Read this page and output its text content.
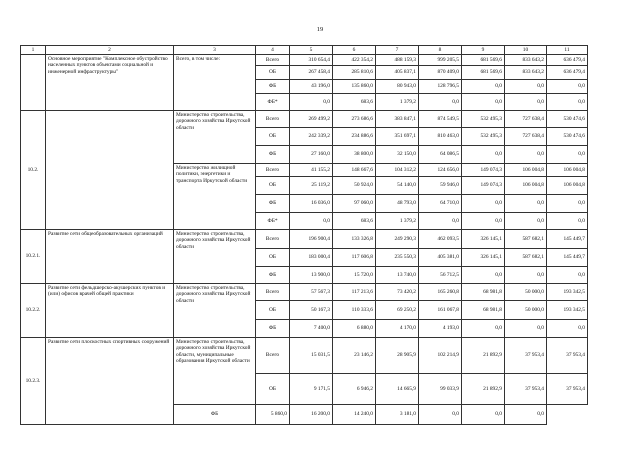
19
1	2	3	4	5	6	7	8	9	10	11
	Основное мероприятие "Комплексное обустройство населенных пунктов объектами социальной и инженерной инфраструктуры"	Всего, в том числе:	Всего	310 654,4	422 354,2	488 159,3	999 205,5	681 569,6	833 643,2	636 479,4
			ОБ	267 458,4	285 810,6	405 837,1	870 409,0	681 569,6	833 643,2	636 479,4
			ФБ	43 196,0	135 860,0	80 943,0	128 796,5	0,0	0,0	0,0
			ФБ*	0,0	683,6	1 379,2	0,0	0,0	0,0	0,0
10.2.		Министерство строительства, дорожного хозяйства Иркутской области	Всего	269 499,2	273 686,6	383 847,1	874 549,5	532 495,3	727 638,4	530 474,6
			ОБ	242 339,2	234 886,6	351 697,1	810 463,0	532 495,3	727 638,4	530 474,6
			ФБ	27 160,0	38 800,0	32 150,0	64 086,5	0,0	0,0	0,0
		Министерство жилищной политики, энергетики и транспорта Иркутской области	Всего	41 155,2	148 667,6	104 312,2	124 656,0	149 074,3	106 004,8	106 004,8
			ОБ	25 119,2	50 924,0	54 140,0	59 946,0	149 074,3	106 004,8	106 004,8
			ФБ	16 036,0	97 060,0	48 793,0	64 710,0	0,0	0,0	0,0
			ФБ*	0,0	683,6	1 379,2	0,0	0,0	0,0	0,0
10.2.1.	Развитие сети общеобразовательных организаций	Министерство строительства, дорожного хозяйства Иркутской области	Всего	196 900,4	133 326,8	249 290,3	462 093,5	326 145,1	587 682,1	145 449,7
			ОБ	183 000,4	117 606,8	235 550,3	405 381,0	326 145,1	587 682,1	145 449,7
			ФБ	13 900,0	15 720,0	13 740,0	56 712,5	0,0	0,0	0,0
10.2.2.	Развитие сети фельдшерско-акушерских пунктов и (или) офисов врачей общей практики	Министерство строительства, дорожного хозяйства Иркутской области	Всего	57 567,3	117 213,6	73 420,2	165 260,8	68 981,8	50 000,0	193 342,5
			ОБ	50 167,3	110 333,6	69 250,2	161 067,8	68 981,8	50 000,0	193 342,5
			ФБ	7 400,0	6 880,0	4 170,0	4 193,0	0,0	0,0	0,0
10.2.3.	Развитие сети плоскостных спортивных сооружений	Министерство строительства, дорожного хозяйства Иркутской области, муниципальные образования Иркутской области	Всего	15 031,5	23 146,2	28 905,9	102 214,9	21 892,9	37 953,4	37 953,4
			ОБ	9 171,5	6 946,2	14 665,9	99 033,9	21 892,9	37 953,4	37 953,4
		ФБ	5 860,0	16 200,0	14 240,0	3 181,0	0,0	0,0	0,0	
